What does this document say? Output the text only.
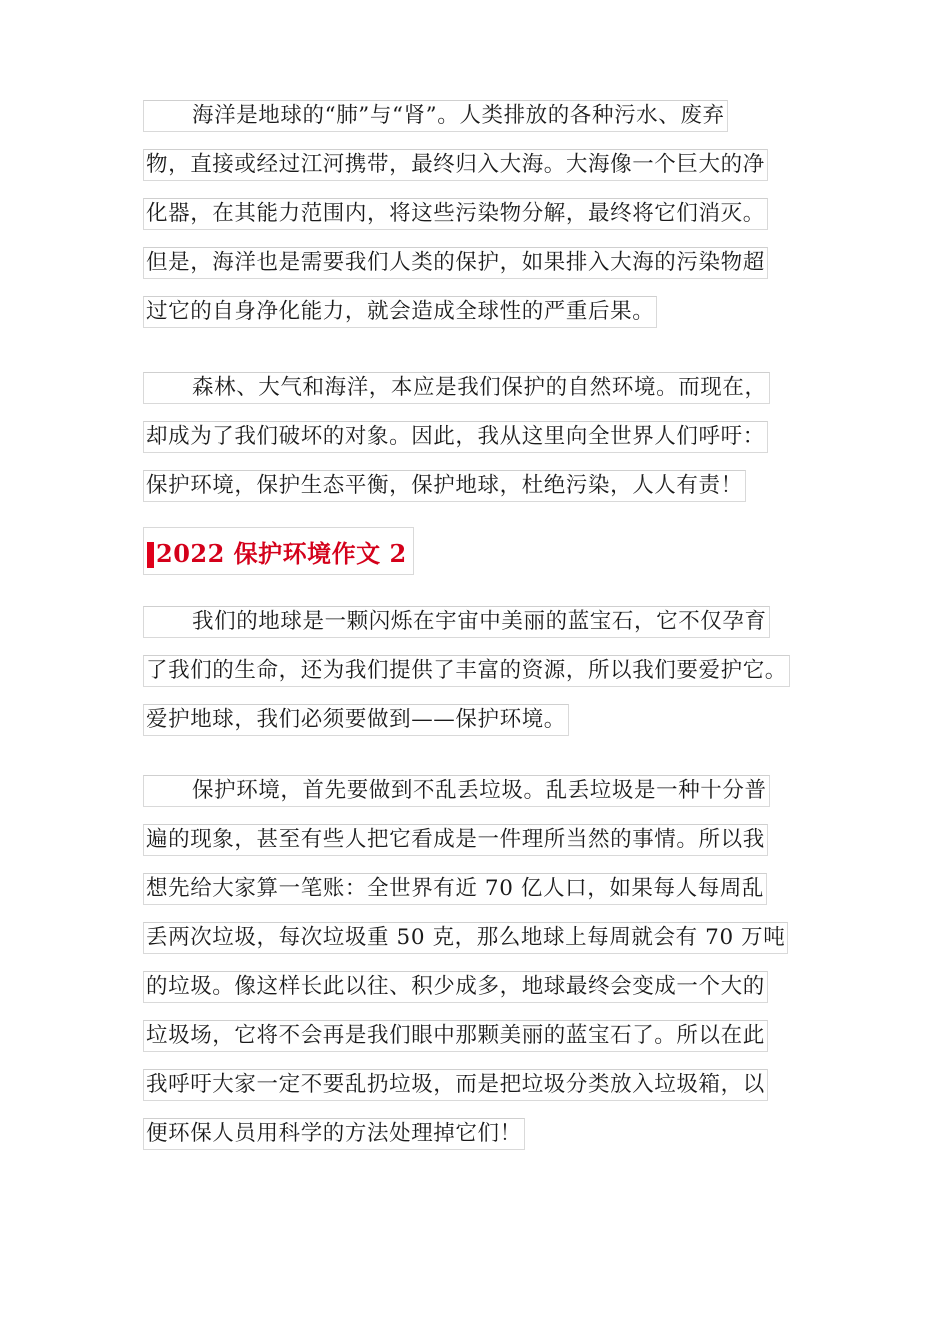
海洋是地球的“肺”与“肾”。人类排放的各种污水、废弃
物，直接或经过江河携带，最终归入大海。大海像一个巨大的净
化器，在其能力范围内，将这些污染物分解，最终将它们消灭。
但是，海洋也是需要我们人类的保护，如果排入大海的污染物超
过它的自身净化能力，就会造成全球性的严重后果。
森林、大气和海洋，本应是我们保护的自然环境。而现在，
却成为了我们破坏的对象。因此，我从这里向全世界人们呼吁：
保护环境，保护生态平衡，保护地球，杜绝污染，人人有责！
2022 保护环境作文 2
我们的地球是一颗闪烁在宇宙中美丽的蓝宝石，它不仅孕育
了我们的生命，还为我们提供了丰富的资源，所以我们要爱护它。
爱护地球，我们必须要做到——保护环境。
保护环境，首先要做到不乱丢垃圾。乱丢垃圾是一种十分普
遍的现象，甚至有些人把它看成是一件理所当然的事情。所以我
想先给大家算一笔账：全世界有近 70 亿人口，如果每人每周乱
丢两次垃圾，每次垃圾重 50 克，那么地球上每周就会有 70 万吨
的垃圾。像这样长此以往、积少成多，地球最终会变成一个大的
垃圾场，它将不会再是我们眼中那颗美丽的蓝宝石了。所以在此
我呼吁大家一定不要乱扔垃圾，而是把垃圾分类放入垃圾箱，以
便环保人员用科学的方法处理掉它们！
